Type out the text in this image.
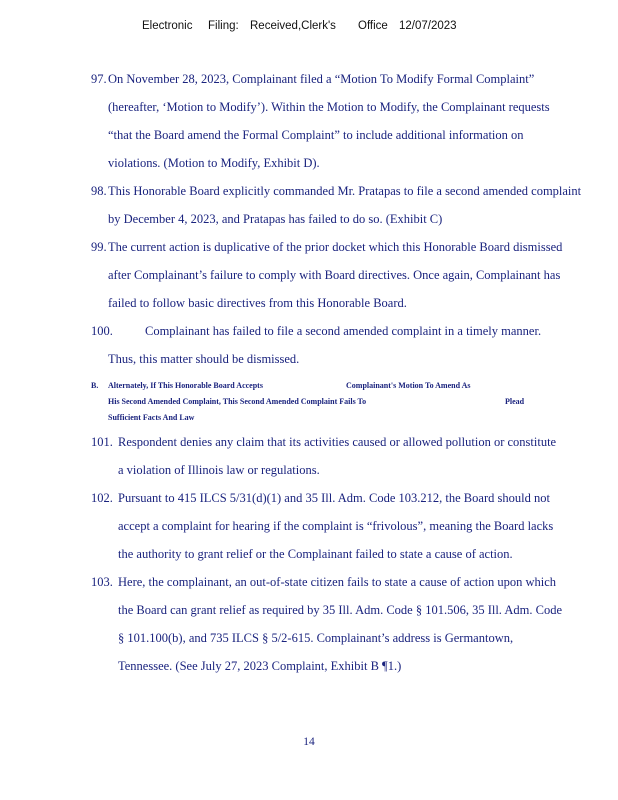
Electronic Filing: Received,Clerk's Office 12/07/2023
97. On November 28, 2023, Complainant filed a “Motion To Modify Formal Complaint”
(hereafter, ‘Motion to Modify’). Within the Motion to Modify, the Complainant requests
“that the Board amend the Formal Complaint” to include additional information on
violations. (Motion to Modify, Exhibit D).
98. This Honorable Board explicitly commanded Mr. Pratapas to file a second amended complaint
by December 4, 2023, and Pratapas has failed to do so. (Exhibit C)
99. The current action is duplicative of the prior docket which this Honorable Board dismissed
after Complainant’s failure to comply with Board directives. Once again, Complainant has
failed to follow basic directives from this Honorable Board.
100.	Complainant has failed to file a second amended complaint in a timely manner.
Thus, this matter should be dismissed.
B. Alternately, If This Honorable Board Accepts	Complainant's Motion To Amend As
His Second Amended Complaint, This Second Amended Complaint Fails To	Plead
Sufficient Facts And Law
101. Respondent denies any claim that its activities caused or allowed pollution or constitute
a violation of Illinois law or regulations.
102. Pursuant to 415 ILCS 5/31(d)(1) and 35 Ill. Adm. Code 103.212, the Board should not
accept a complaint for hearing if the complaint is “frivolous”, meaning the Board lacks
the authority to grant relief or the Complainant failed to state a cause of action.
103. Here, the complainant, an out-of-state citizen fails to state a cause of action upon which
the Board can grant relief as required by 35 Ill. Adm. Code § 101.506, 35 Ill. Adm. Code
§ 101.100(b), and 735 ILCS § 5/2-615. Complainant’s address is Germantown,
Tennessee. (See July 27, 2023 Complaint, Exhibit B ¶1.)
14
